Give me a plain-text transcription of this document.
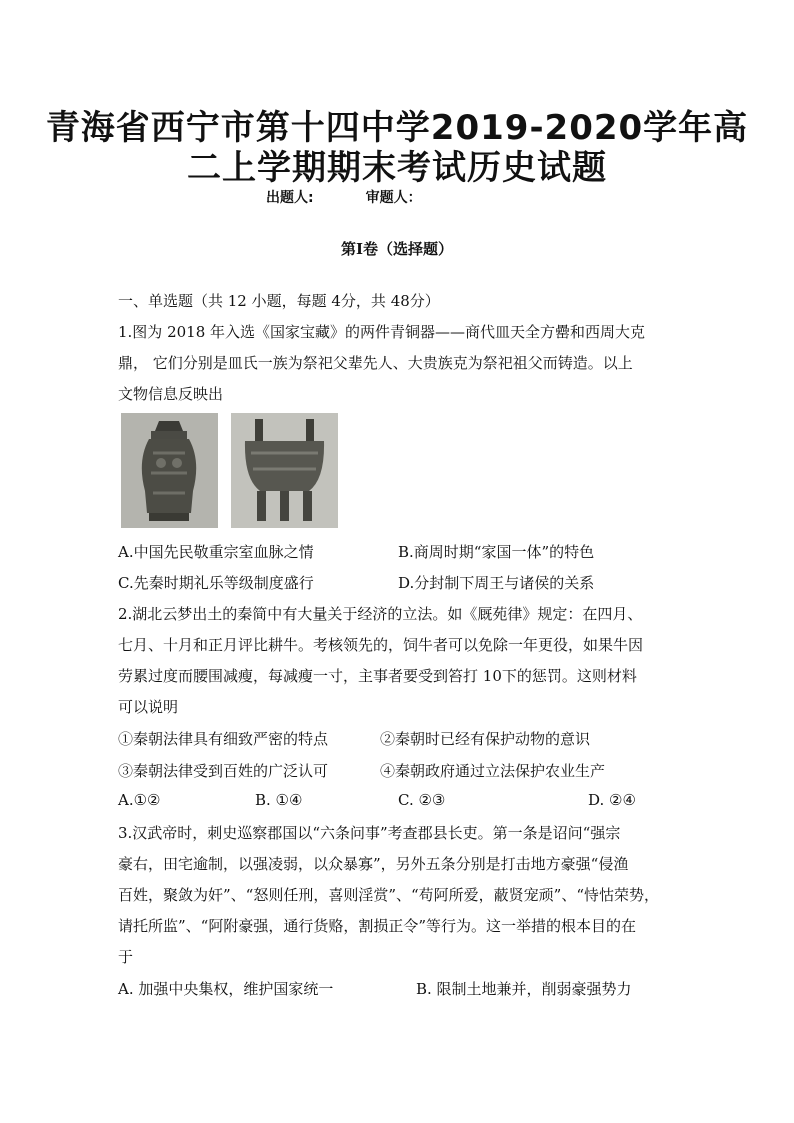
青海省西宁市第十四中学2019-2020学年高
二上学期期末考试历史试题
出题人:	审题人：
第Ⅰ卷（选择题）
一、单选题（共 12 小题，每题 4分，共 48分）
1.图为 2018 年入选《国家宝藏》的两件青铜器——商代皿天全方罍和西周大克
鼎， 它们分别是皿氏一族为祭祀父辈先人、大贵族克为祭祀祖父而铸造。以上
文物信息反映出
A.中国先民敬重宗室血脉之情	B.商周时期“家国一体”的特色
C.先秦时期礼乐等级制度盛行	D.分封制下周王与诸侯的关系
2.湖北云梦出土的秦简中有大量关于经济的立法。如《厩苑律》规定：在四月、
七月、十月和正月评比耕牛。考核领先的，饲牛者可以免除一年更役，如果牛因
劳累过度而腰围减瘦，每减瘦一寸，主事者要受到笞打 10下的惩罚。这则材料
可以说明
①秦朝法律具有细致严密的特点	②秦朝时已经有保护动物的意识
③秦朝法律受到百姓的广泛认可	④秦朝政府通过立法保护农业生产
A.①②	B. ①④	C. ②③	D. ②④
3.汉武帝时，刺史巡察郡国以“六条问事”考查郡县长吏。第一条是诏问“强宗
豪右，田宅逾制，以强凌弱，以众暴寡”，另外五条分别是打击地方豪强“侵渔
百姓，聚敛为奸”、“怒则任刑，喜则淫赏”、“苟阿所爱，蔽贤宠顽”、“恃怙荣势，
请托所监”、“阿附豪强，通行货赂，割损正令”等行为。这一举措的根本目的在
于
A. 加强中央集权，维护国家统一	B. 限制土地兼并，削弱豪强势力
